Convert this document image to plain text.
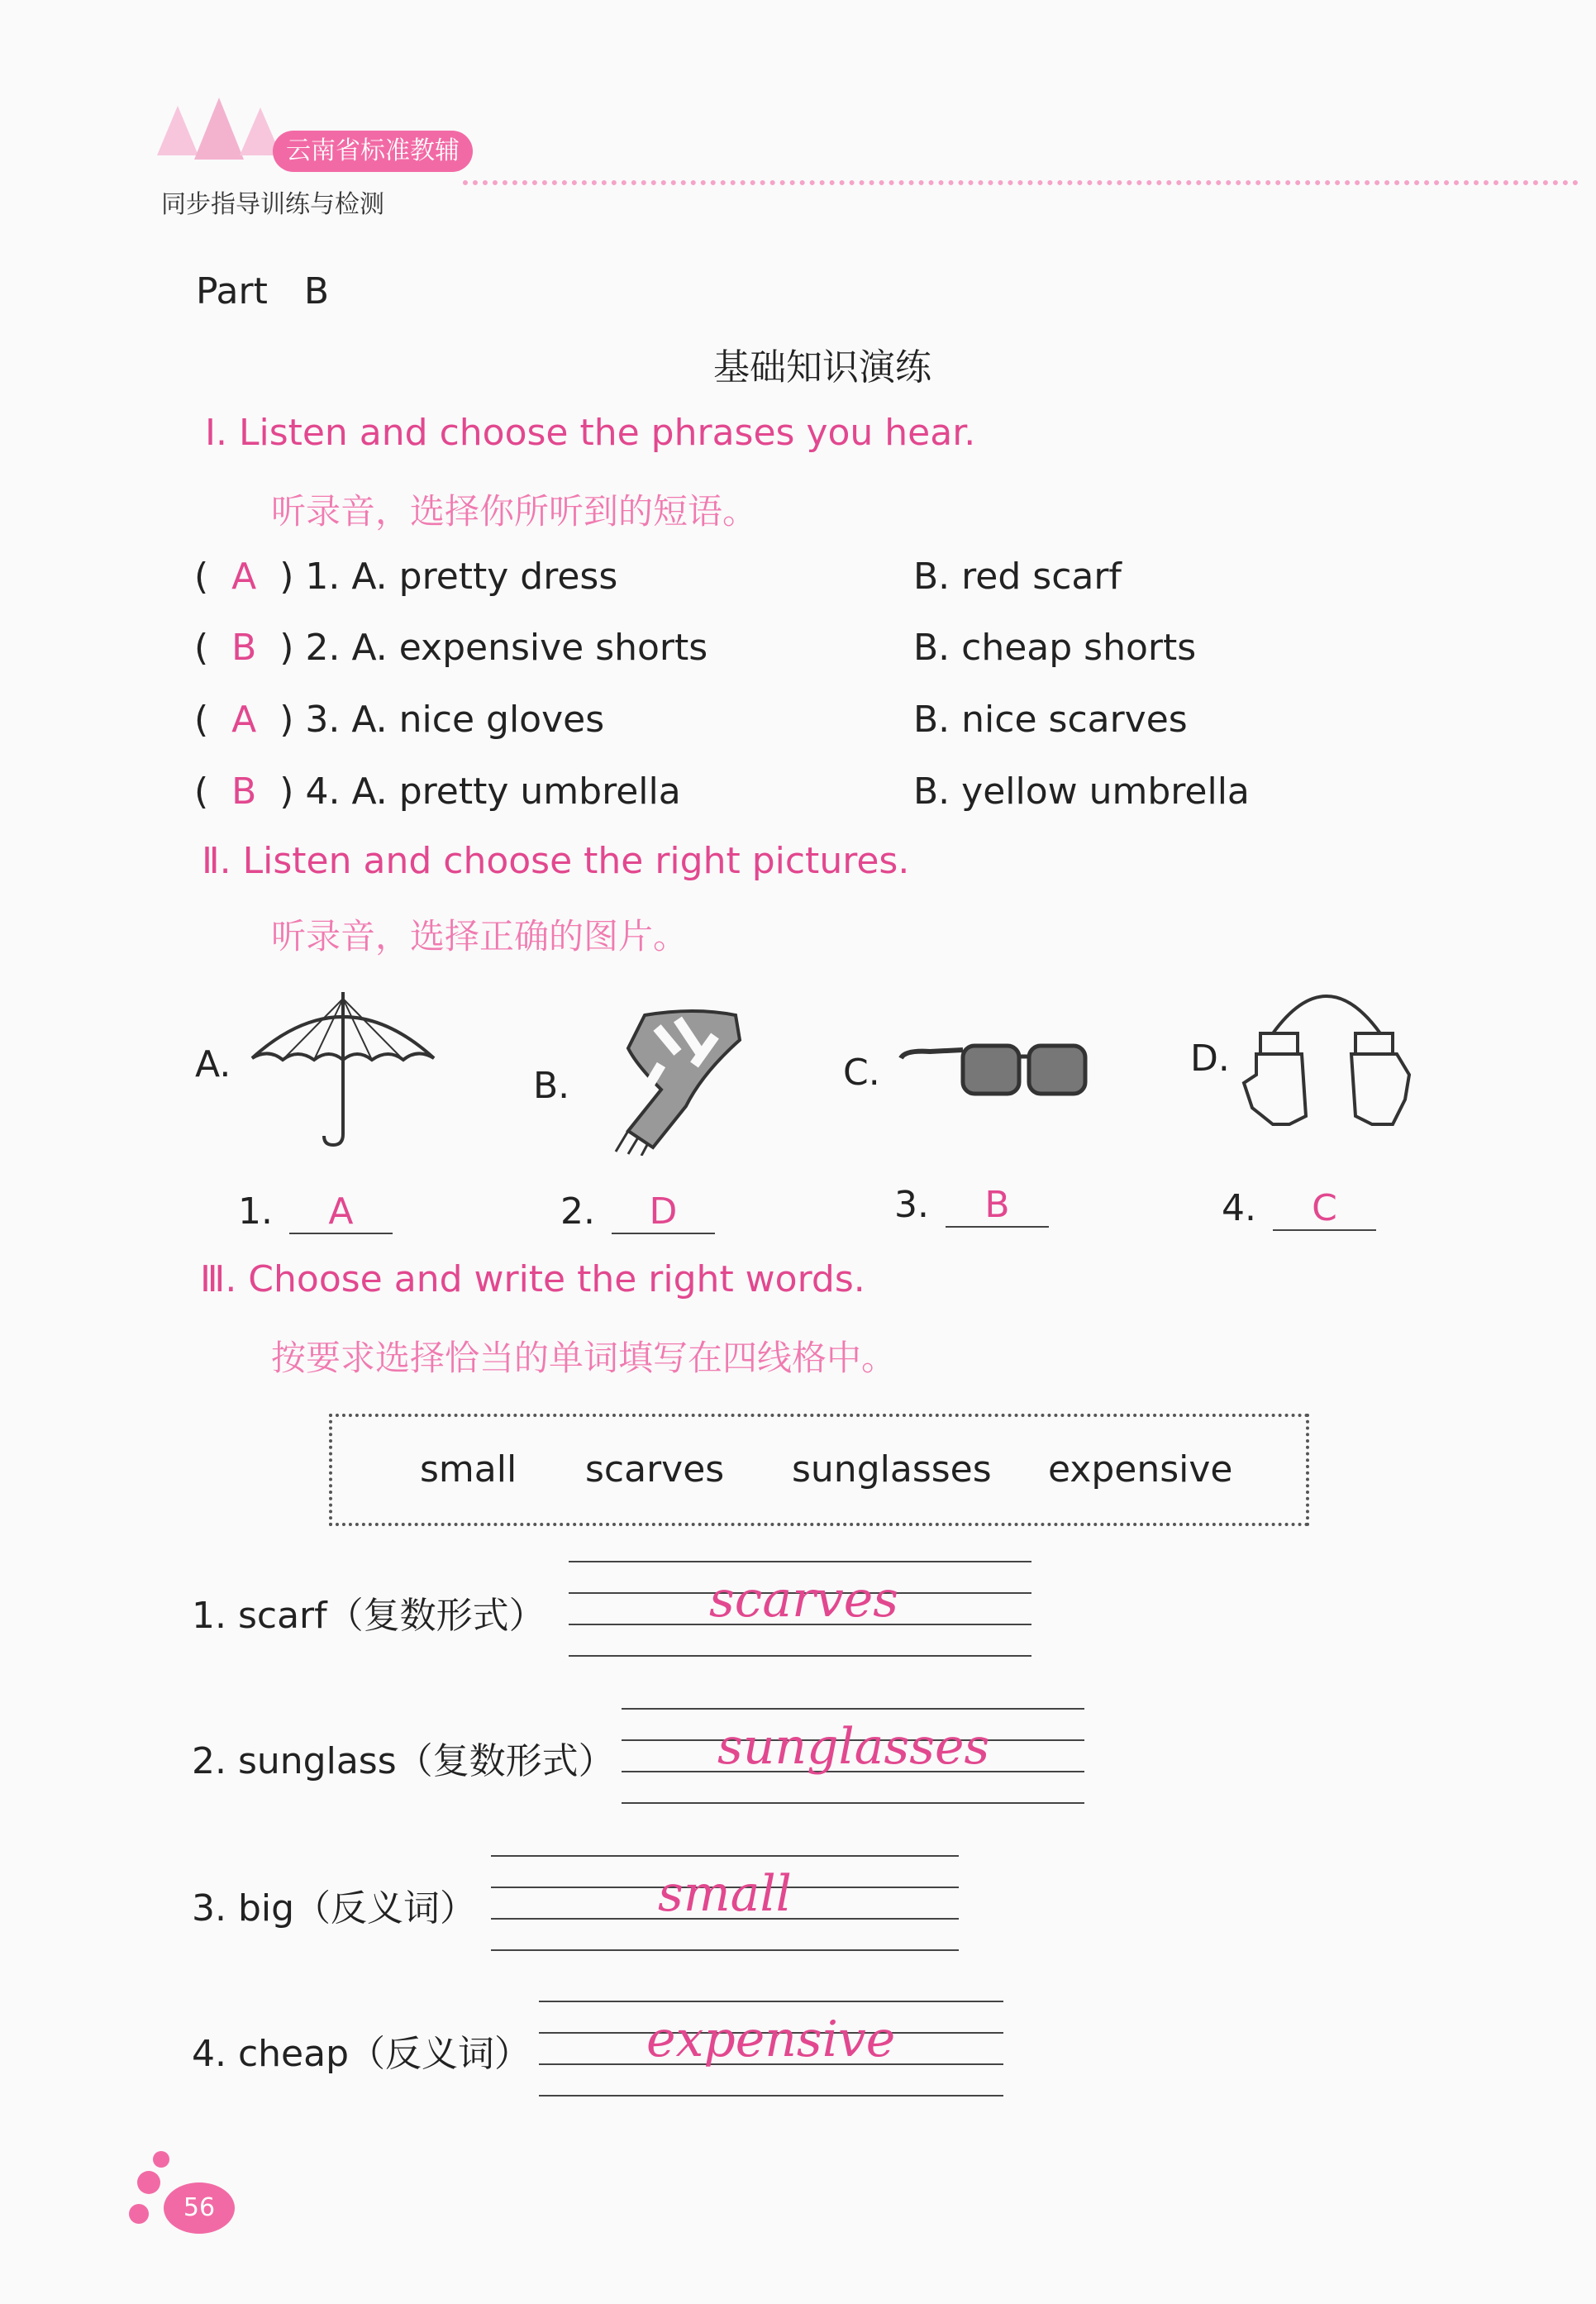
云南省标准教辅
同步指导训练与检测
Part　B
基础知识演练
Ⅰ. Listen and choose the phrases you hear.
听录音，选择你所听到的短语。
(  A  ) 1. A. pretty dress	B. red scarf
(  B  ) 2. A. expensive shorts	B. cheap shorts
(  A  ) 3. A. nice gloves	B. nice scarves
(  B  ) 4. A. pretty umbrella	B. yellow umbrella
Ⅱ. Listen and choose the right pictures.
听录音，选择正确的图片。
A.
B.	C.	D.
1. A	2. D	3. B	4. C
Ⅲ. Choose and write the right words.
按要求选择恰当的单词填写在四线格中。
small scarves sunglasses expensive
1. scarf（复数形式）	scarves
2. sunglass（复数形式） sunglasses
3. big（反义词）	small
4. cheap（反义词） expensive
56
